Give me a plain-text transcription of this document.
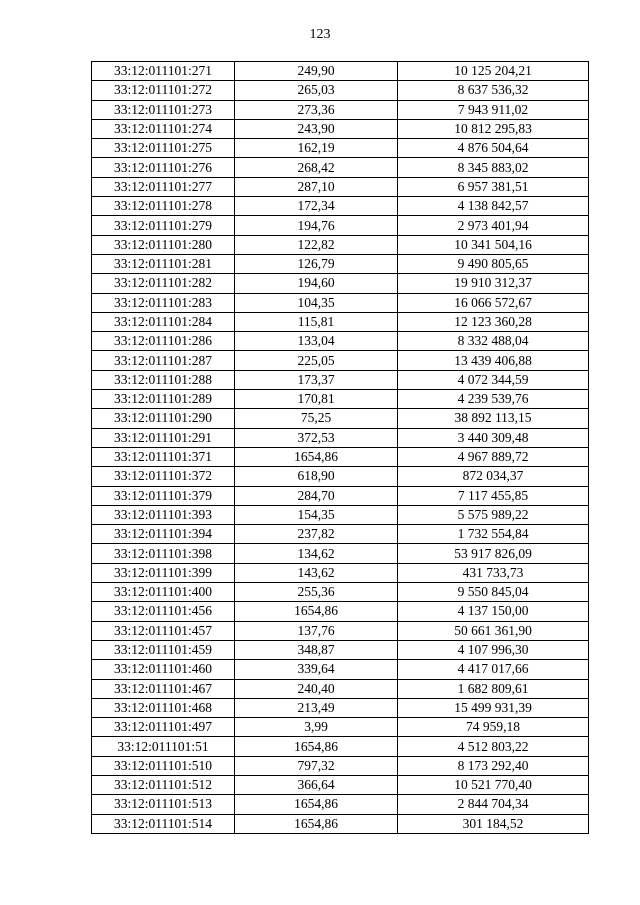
123
33:12:011101:271	249,90	10 125 204,21
33:12:011101:272	265,03	8 637 536,32
33:12:011101:273	273,36	7 943 911,02
33:12:011101:274	243,90	10 812 295,83
33:12:011101:275	162,19	4 876 504,64
33:12:011101:276	268,42	8 345 883,02
33:12:011101:277	287,10	6 957 381,51
33:12:011101:278	172,34	4 138 842,57
33:12:011101:279	194,76	2 973 401,94
33:12:011101:280	122,82	10 341 504,16
33:12:011101:281	126,79	9 490 805,65
33:12:011101:282	194,60	19 910 312,37
33:12:011101:283	104,35	16 066 572,67
33:12:011101:284	115,81	12 123 360,28
33:12:011101:286	133,04	8 332 488,04
33:12:011101:287	225,05	13 439 406,88
33:12:011101:288	173,37	4 072 344,59
33:12:011101:289	170,81	4 239 539,76
33:12:011101:290	75,25	38 892 113,15
33:12:011101:291	372,53	3 440 309,48
33:12:011101:371	1654,86	4 967 889,72
33:12:011101:372	618,90	872 034,37
33:12:011101:379	284,70	7 117 455,85
33:12:011101:393	154,35	5 575 989,22
33:12:011101:394	237,82	1 732 554,84
33:12:011101:398	134,62	53 917 826,09
33:12:011101:399	143,62	431 733,73
33:12:011101:400	255,36	9 550 845,04
33:12:011101:456	1654,86	4 137 150,00
33:12:011101:457	137,76	50 661 361,90
33:12:011101:459	348,87	4 107 996,30
33:12:011101:460	339,64	4 417 017,66
33:12:011101:467	240,40	1 682 809,61
33:12:011101:468	213,49	15 499 931,39
33:12:011101:497	3,99	74 959,18
33:12:011101:51	1654,86	4 512 803,22
33:12:011101:510	797,32	8 173 292,40
33:12:011101:512	366,64	10 521 770,40
33:12:011101:513	1654,86	2 844 704,34
33:12:011101:514	1654,86	301 184,52
